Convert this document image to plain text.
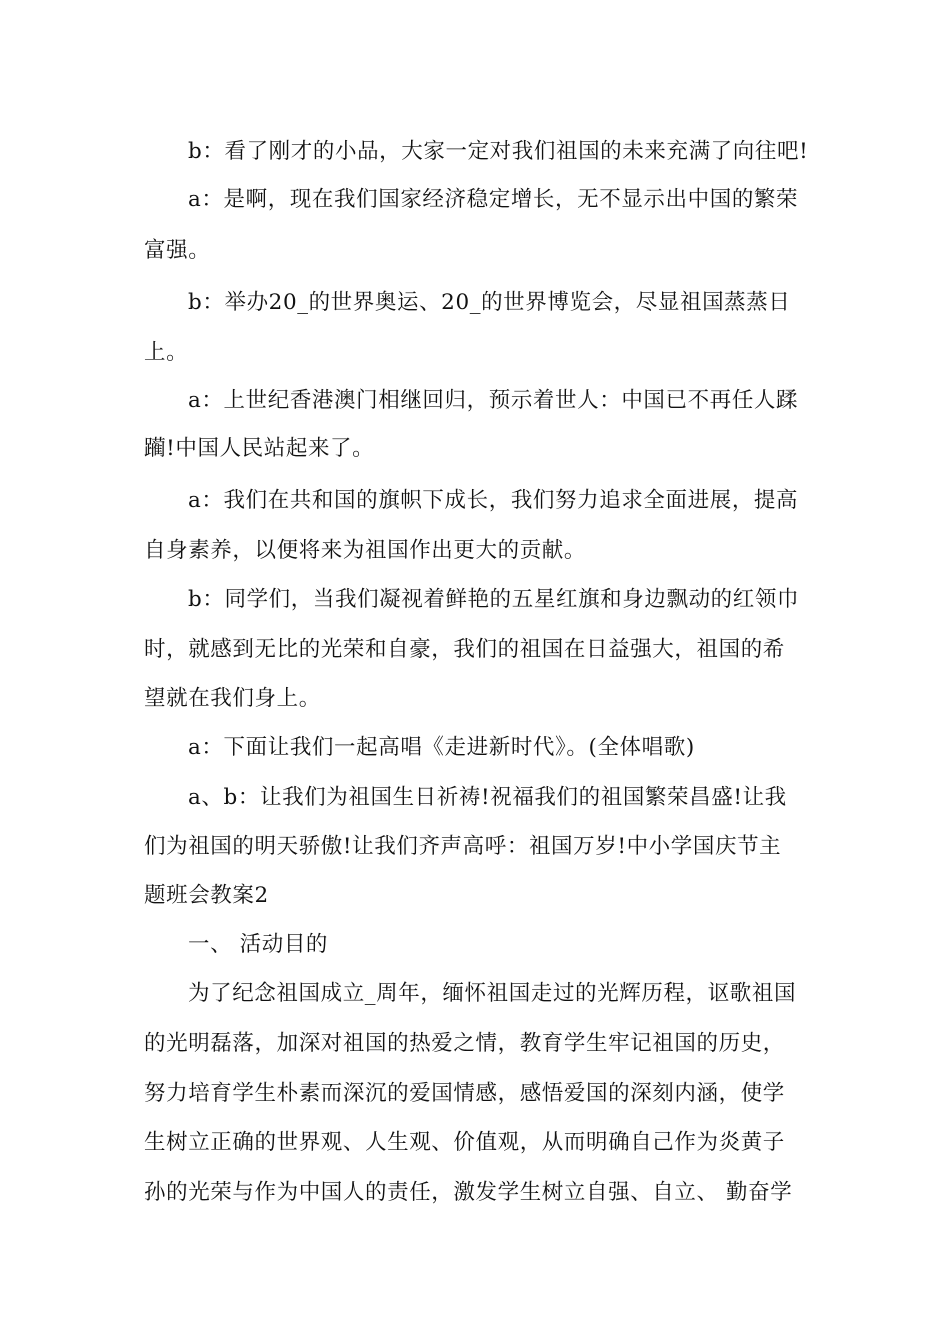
b：看了刚才的小品，大家一定对我们祖国的未来充满了向往吧!
a：是啊，现在我们国家经济稳定增长，无不显示出中国的繁荣
富强。
b：举办20_的世界奥运、20_的世界博览会，尽显祖国蒸蒸日
上。
a：上世纪香港澳门相继回归，预示着世人：中国已不再任人蹂
躏!中国人民站起来了。
a：我们在共和国的旗帜下成长，我们努力追求全面进展，提高
自身素养，以便将来为祖国作出更大的贡献。
b：同学们，当我们凝视着鲜艳的五星红旗和身边飘动的红领巾
时，就感到无比的光荣和自豪，我们的祖国在日益强大，祖国的希
望就在我们身上。
a：下面让我们一起高唱《走进新时代》。(全体唱歌)
a、b：让我们为祖国生日祈祷!祝福我们的祖国繁荣昌盛!让我
们为祖国的明天骄傲!让我们齐声高呼：祖国万岁!中小学国庆节主
题班会教案2
一、 活动目的
为了纪念祖国成立_周年，缅怀祖国走过的光辉历程，讴歌祖国
的光明磊落，加深对祖国的热爱之情，教育学生牢记祖国的历史，
努力培育学生朴素而深沉的爱国情感，感悟爱国的深刻内涵，使学
生树立正确的世界观、人生观、价值观，从而明确自己作为炎黄子
孙的光荣与作为中国人的责任，激发学生树立自强、自立、 勤奋学
